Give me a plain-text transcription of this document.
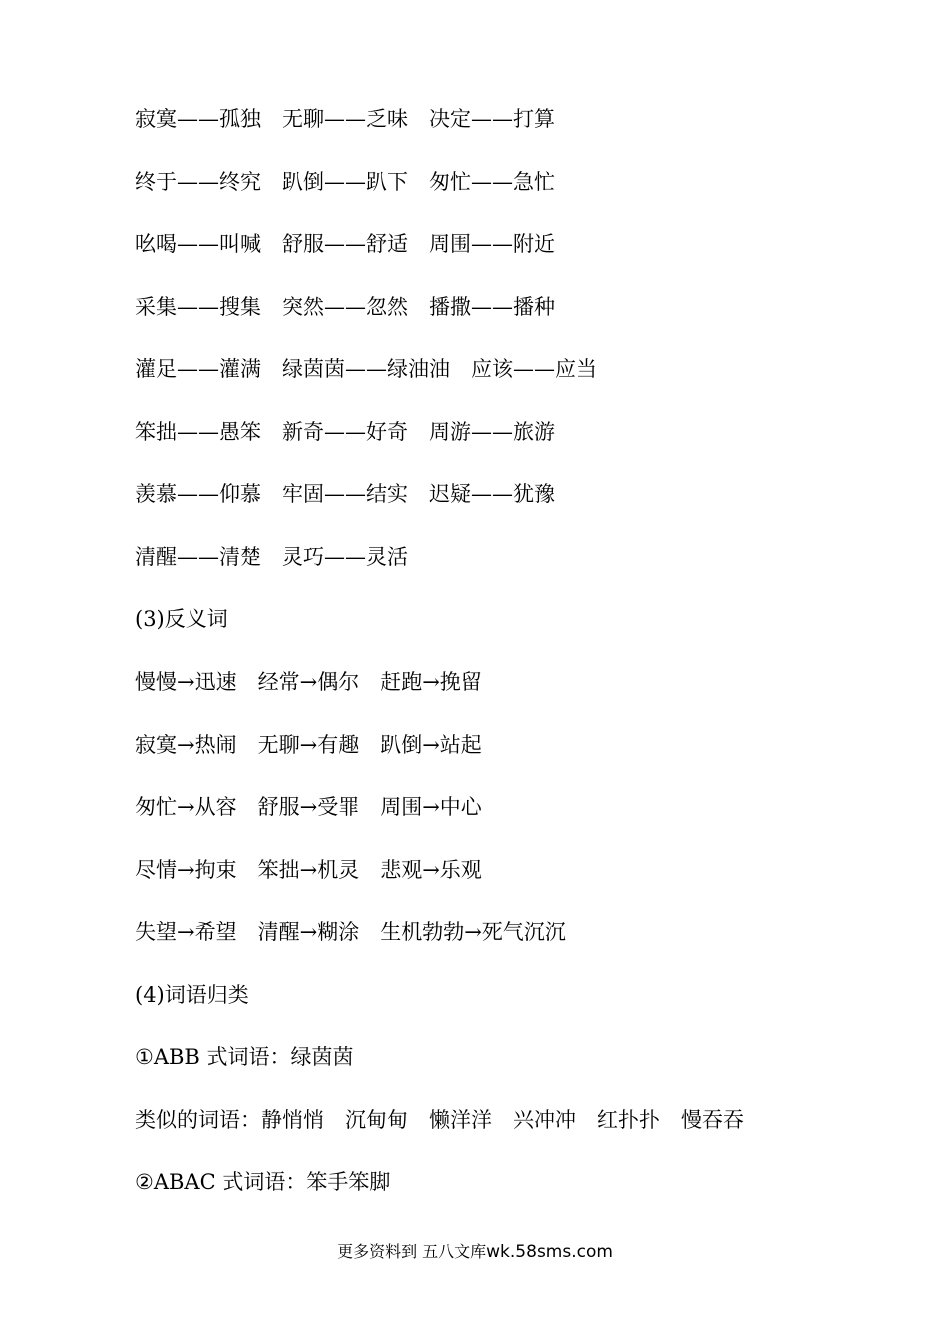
寂寞——孤独　无聊——乏味　决定——打算
终于——终究　趴倒——趴下　匆忙——急忙
吆喝——叫喊　舒服——舒适　周围——附近
采集——搜集　突然——忽然　播撒——播种
灌足——灌满　绿茵茵——绿油油　应该——应当
笨拙——愚笨　新奇——好奇　周游——旅游
羡慕——仰慕　牢固——结实　迟疑——犹豫
清醒——清楚　灵巧——灵活
(3)反义词
慢慢→迅速　经常→偶尔　赶跑→挽留
寂寞→热闹　无聊→有趣　趴倒→站起
匆忙→从容　舒服→受罪　周围→中心
尽情→拘束　笨拙→机灵　悲观→乐观
失望→希望　清醒→糊涂　生机勃勃→死气沉沉
(4)词语归类
①ABB 式词语：绿茵茵
类似的词语：静悄悄　沉甸甸　懒洋洋　兴冲冲　红扑扑　慢吞吞
②ABAC 式词语：笨手笨脚
更多资料到 五八文库wk.58sms.com
